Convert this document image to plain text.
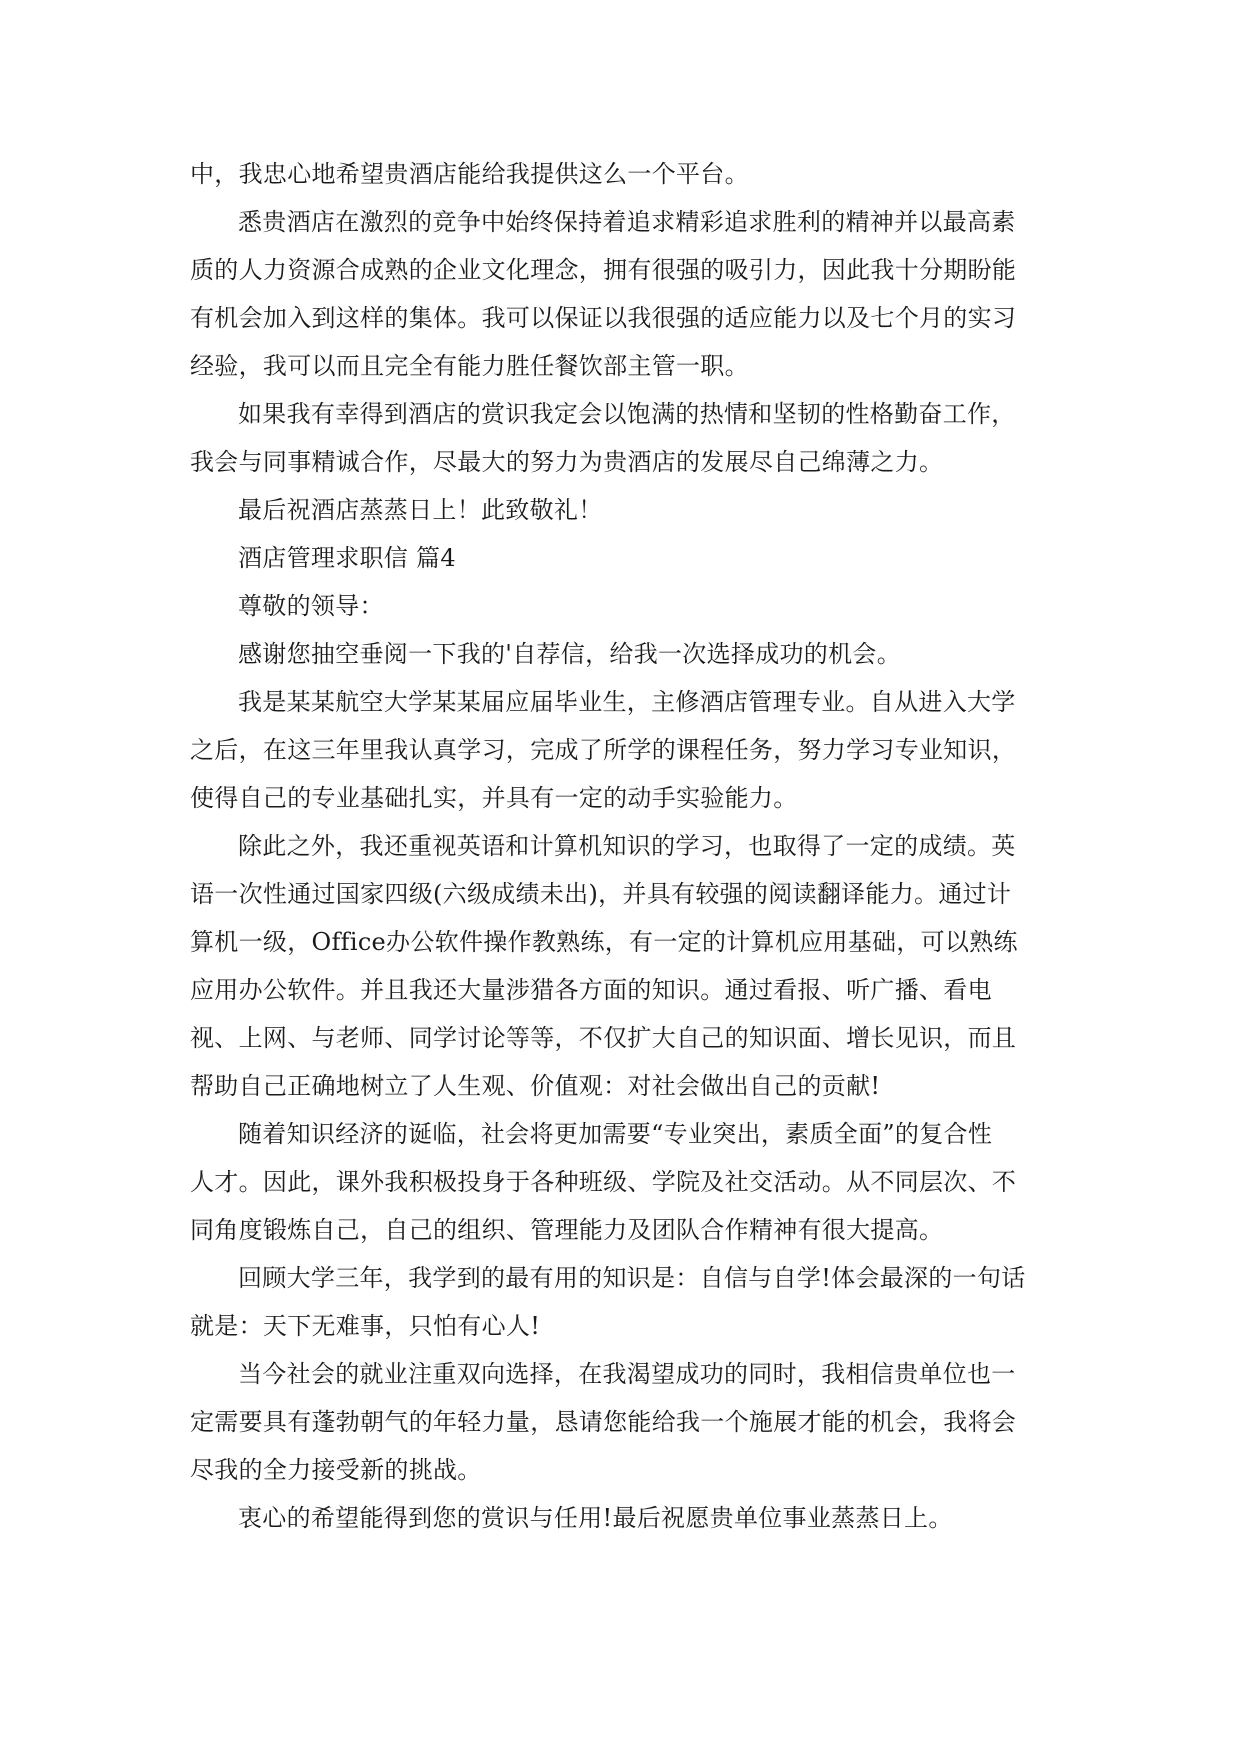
中，我忠心地希望贵酒店能给我提供这么一个平台。

悉贵酒店在激烈的竞争中始终保持着追求精彩追求胜利的精神并以最高素
质的人力资源合成熟的企业文化理念，拥有很强的吸引力，因此我十分期盼能
有机会加入到这样的集体。我可以保证以我很强的适应能力以及七个月的实习
经验，我可以而且完全有能力胜任餐饮部主管一职。

如果我有幸得到酒店的赏识我定会以饱满的热情和坚韧的性格勤奋工作，
我会与同事精诚合作，尽最大的努力为贵酒店的发展尽自己绵薄之力。

最后祝酒店蒸蒸日上！此致敬礼！

酒店管理求职信 篇4

尊敬的领导：

感谢您抽空垂阅一下我的'自荐信，给我一次选择成功的机会。

我是某某航空大学某某届应届毕业生，主修酒店管理专业。自从进入大学
之后，在这三年里我认真学习，完成了所学的课程任务，努力学习专业知识，
使得自己的专业基础扎实，并具有一定的动手实验能力。

除此之外，我还重视英语和计算机知识的学习，也取得了一定的成绩。英
语一次性通过国家四级(六级成绩未出)，并具有较强的阅读翻译能力。通过计
算机一级，Office办公软件操作教熟练，有一定的计算机应用基础，可以熟练
应用办公软件。并且我还大量涉猎各方面的知识。通过看报、听广播、看电
视、上网、与老师、同学讨论等等，不仅扩大自己的知识面、增长见识，而且
帮助自己正确地树立了人生观、价值观：对社会做出自己的贡献!

随着知识经济的诞临，社会将更加需要“专业突出，素质全面”的复合性
人才。因此，课外我积极投身于各种班级、学院及社交活动。从不同层次、不
同角度锻炼自己，自己的组织、管理能力及团队合作精神有很大提高。

回顾大学三年，我学到的最有用的知识是：自信与自学!体会最深的一句话
就是：天下无难事，只怕有心人!

当今社会的就业注重双向选择，在我渴望成功的同时，我相信贵单位也一
定需要具有蓬勃朝气的年轻力量，恳请您能给我一个施展才能的机会，我将会
尽我的全力接受新的挑战。

衷心的希望能得到您的赏识与任用!最后祝愿贵单位事业蒸蒸日上。
